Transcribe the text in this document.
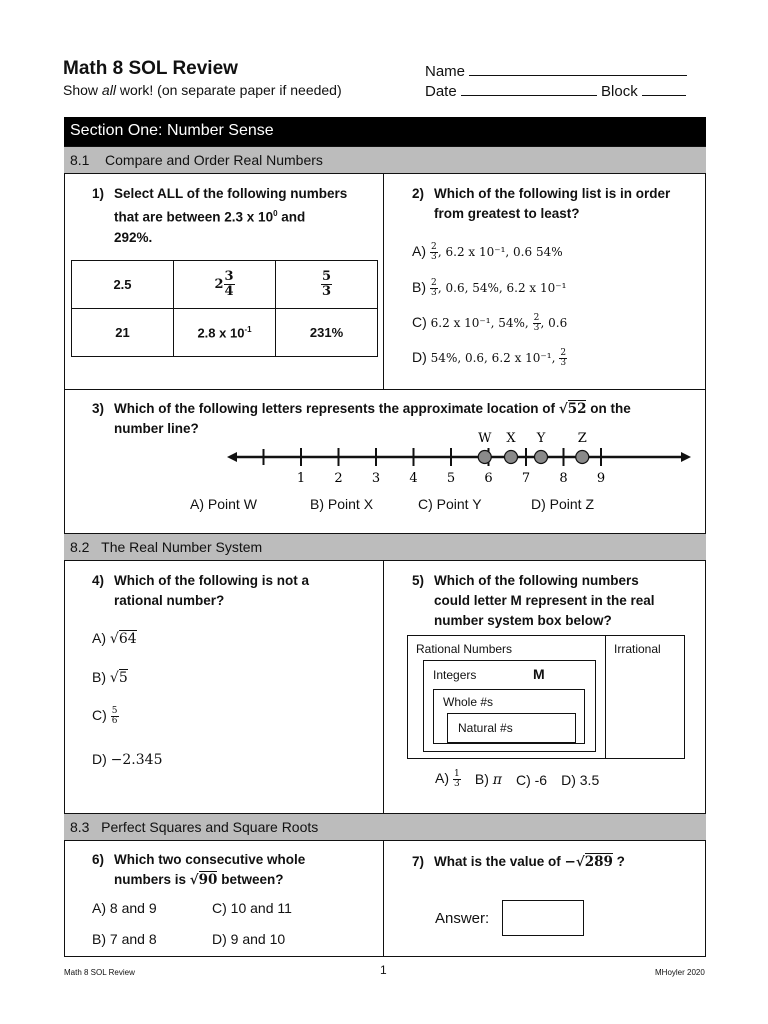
Math 8 SOL Review
Show all work! (on separate paper if needed)
Name
Date	Block
Section One: Number Sense
8.1 Compare and Order Real Numbers
1) Select ALL of the following numbers
that are between 2.3 x $10^0$ and
292%.
2.5	$2 \frac{3}{4}$	$\frac{5}{3}$

21	2.8 x $10^{-1}$	231%
2) Which of the following list is in order
from greatest to least?
$A) \frac{2}{3}$ , 6.2 x 10⁻¹, 0.6 54%
$B) \frac{2}{3}$ , 0.6, 54%, 6.2 x 10⁻¹
C) 6.2 x 10⁻¹, 54%, $\frac{2}{3}$ , 0.6
D) 54%, 0.6, 6.2 x 10⁻¹, $\frac{2}{3}$
3) Which of the following letters represents the approximate location of √52 on the
number line?
1 2 3 4 5 6 7 8 9
W X Y Z
A) Point W	B) Point X	C) Point Y	D) Point Z
8.2 The Real Number System
4) Which of the following is not a
rational number?
A) √64
B) √5
$C) \frac{5}{6}$
D) −2.345
5) Which of the following numbers
could letter M represent in the real
number system box below?
Rational Numbers	Irrational
Integers	M
Whole #s
Natural #s
$A) \frac{1}{3} B$) π C) -6 D) 3.5
8.3 Perfect Squares and Square Roots
6) Which two consecutive whole
numbers is √90 between?
A) 8 and 9	C) 10 and 11
B) 7 and 8	D) 9 and 10
7) What is the value of −√289 ?
Answer:
Math 8 SOL Review	1	MHoyler 2020
